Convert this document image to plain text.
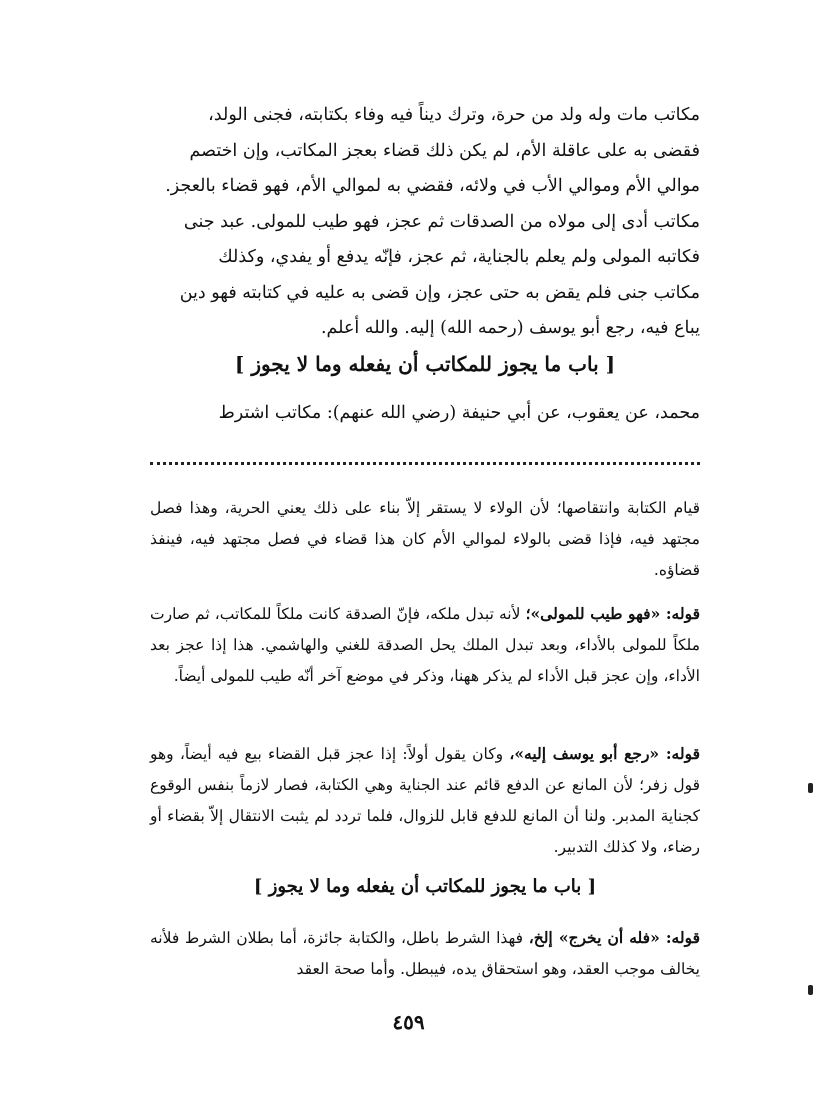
مكاتب مات وله ولد من حرة، وترك ديناً فيه وفاء بكتابته، فجنى الولد،

فقضى به على عاقلة الأم، لم يكن ذلك قضاء بعجز المكاتب، وإن اختصم

موالي الأم وموالي الأب في ولائه، فقضي به لموالي الأم، فهو قضاء بالعجز.

مكاتب أدى إلى مولاه من الصدقات ثم عجز، فهو طيب للمولى. عبد جنى

فكاتبه المولى ولم يعلم بالجناية، ثم عجز، فإنّه يدفع أو يفدي، وكذلك

مكاتب جنى فلم يقض به حتى عجز، وإن قضى به عليه في كتابته فهو دين

يباع فيه، رجع أبو يوسف (رحمه الله) إليه. والله أعلم.

[ باب ما يجوز للمكاتب أن يفعله وما لا يجوز ]
محمد، عن يعقوب، عن أبي حنيفة (رضي الله عنهم): مكاتب اشترط

قيام الكتابة وانتقاصها؛ لأن الولاء لا يستقر إلاّ بناء على ذلك يعني الحرية، وهذا فصل مجتهد فيه، فإذا قضى بالولاء لموالي الأم كان هذا قضاء في فصل مجتهد فيه، فينفذ قضاؤه.

قوله: «فهو طيب للمولى»؛ لأنه تبدل ملكه، فإنّ الصدقة كانت ملكاً للمكاتب، ثم صارت ملكاً للمولى بالأداء، وبعد تبدل الملك يحل الصدقة للغني والهاشمي. هذا إذا عجز بعد الأداء، وإن عجز قبل الأداء لم يذكر ههنا، وذكر في موضع آخر أنّه طيب للمولى أيضاً.

قوله: «رجع أبو يوسف إليه»، وكان يقول أولاً: إذا عجز قبل القضاء بيع فيه أيضاً، وهو قول زفر؛ لأن المانع عن الدفع قائم عند الجناية وهي الكتابة، فصار لازماً بنفس الوقوع كجناية المدبر. ولنا أن المانع للدفع قابل للزوال، فلما تردد لم يثبت الانتقال إلاّ بقضاء أو رضاء، ولا كذلك التدبير.

[ باب ما يجوز للمكاتب أن يفعله وما لا يجوز ]

قوله: «فله أن يخرج» إلخ، فهذا الشرط باطل، والكتابة جائزة، أما بطلان الشرط فلأنه يخالف موجب العقد، وهو استحقاق يده، فيبطل. وأما صحة العقد

٤٥٩
